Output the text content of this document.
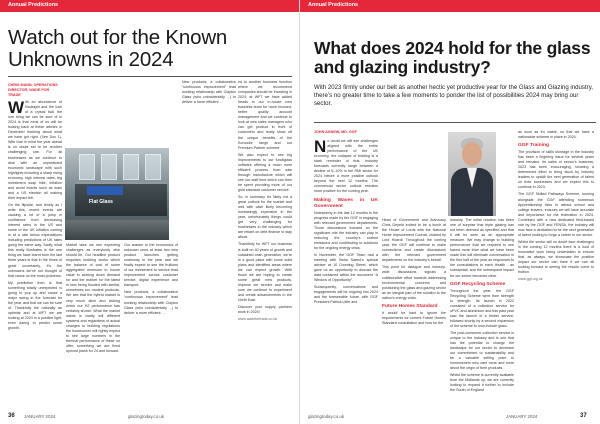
Annual Predictions
Watch out for the Known Unknowns in 2024
CHRIS MANN, OPERATIONS DIRECTOR, WADE FOR TRADE

With an abundance of hindsight and the luck of a crystal ball, the one thing we can be sure of in 2024 is that most of us will be looking back at these articles in December thinking about what we have got right. (See Doc 1). With that in mind the year ahead is no doubt set to be another challenging one. For all businesses as we continue to deal with an unpredicted economic landscape with such highlights including a sharp rising economy, high interest rates, big investment soap hike, inflation and world events such as wars and a US election all making their impact felt.

On the flipside, and timely as I write this, recent events are causing a lot of a jump in confidence from decreasing interest rates in the US and some of the UK inflation coming in at a rate below expectations including predictions of UK rates going the same way. Sadly, what this really illustrates is the one thing we have learnt from the last three years is that in the times of great uncertainty, it’s the unknowns we’ve not thought of that cause us the most problems.

My prediction then is that something totally unexpected is going to pop up and cause a major swing in the forecast for the year, and that we can be sure of. Thankfully the naturally an optimist and at WFT we are looking at 2024 in a positive light, even daring to predict some growth.

Flat Glass

Market wise we see expecting challenges as everybody else should be. Our headline product enquiries building works which the balance of cost of some aggregated revenues to house value in slowing down demand for and the market for the latest in new being flooded with similar, sometimes too modest products. We see that the hybrid market is very much alive and kicking which our H2 performance has certainly shown. What the market wants is clarity will different systems and regardless of actual changes to building regulations the homeowner will rightly expect to see large numbers in the thermal performance of these on offer, something we are fixed upmost plans for 24 and forward.

Our answer to the economics of unknown ones at least two new product launches getting underway in the year and we finally expect to see the fruitions of our investment to service lead improvement across customer service, digital experience and transport.

New products, a collaborative “continuous improvement” lead working relationship with Clayton Glass (who coincidentally ...) to deliver a more efficient ...

ed to another business function where we recommend companies should be investing in 2024, at WFT we have added heads to our in-house new business team for more focused, better quality account management and we continue to look at new sales managers who can get product in front of customers and really show off the unique benefits of the Komodor range and our Premium Partner scheme.

We also expect to see big improvements to our fundiglass software offering a much more efficient process from sale through manufacture which will see our staff time which can then be spent providing more of our gold standard customer service.

So, in summary it’s likely not a great outlook for the market and well with cash likely becoming increasingly expensive in the year, unfortunately things could get very challenging for businesses in the industry which are reliant on debt finance to stay afloat.

Thankfully for WFT our business is built on 40 years of growth and sustained cash generation, we’re in a good place with some solid plans and identified areas where we can expect growth. With those we are hoping to create some great new products, improve our service and make sure we continue to experiment and create advancements in the North East.

Discover your supply partners work in 2024!

www.wadefortrade.co.uk

New products, a collaborative “continuous improvement” lead working relationship with Clayton Glass (who coincidentally ...) to deliver a more efficient ...

36 JANUARY 2024	glazingtoday.co.uk
Annual Predictions
What does 2024 hold for the glass and glazing industry?

With 2023 firmly under our belt as another hectic yet productive year for the Glass and Glazing industry, there’s no greater time to take a few moments to ponder the list of possibilities 2024 may bring our sector.

JOHN AGNEW, MD, GGF

No doubt we will see challenges aligned with the entire performance of the UK economy, the collapse of bidding is a stark reminder of that. Industry forecasts currently range between a decline of 5–10% in the RMI sector for 2024 before a more positive outlook beyond the next 12 months. The commercial sector outlook remains more positive for the coming year.

Making Waves in UK Government

Noteworthy in the last 12 months is the progress made by the GGF in engaging with relevant government departments. Those discussions focused on the significant role the industry can play in reducing the country’s carbon emissions and contributing to solutions for the ongoing energy crisis.

In November, the GGF Team had a meeting with Baha Saeed’s special adviser at 10 Downing Street, which gave us an opportunity to discuss the data contained within the document “A Window of Opportunity”.

Subsequently, conversations and engagements will be ongoing into 2024 and the foreseeable future, with GGF President Patrick Little and

Head of Government and Advocacy Chris Geyeld invited to be a lunch at the House of Lords with the National Home Improvement Council, chaired by Lord Hoardi. Throughout the coming year, the GGF will continue to make connections and create discussions with the relevant government departments on the industry’s behalf.

This point for dialogue and industry-wide discussions signals a collaborative effort towards addressing environmental concerns and positioning the glass and glazing sector as an integral part of the solution to the nation’s energy crisis.

Future Homes Standard

It would be hard to ignore the requirements for current Future Homes Standard consultation and how for the

industry. The initial reaction has been one of surprise that triple glazing has not been deemed as specified and that it will be seen as an appropriate measure. We may change to building performance that we required to see based more than what we have been made this will eliminate conversation in the first half of the year as responses to the consultations to each Health - as substantial, and the subsequent impact for our sector becomes clear.

GGF Recycling Scheme

Throughout the year, the GGF Recycling Scheme went from strength to strength. Its launch in 2022 consisted of a collection service for uPVC and aluminium and this past year saw the launch of a timber service, followed shortly by a second expansion of the scheme to now include glass.

The post-consumer collection service is unique to the industry and is one that has the potential to change the landscape for our sector to decrease our commitment to sustainability and be a valuable selling point to homeowners who care more and more about the origin of their products.

Whilst the scheme is currently available from the Midlands up, we are currently looking to expand it further to include the South of England

as soon as it’s viable, so that we have a nationwide scheme in place in 2024.

GGF Training

The provision of skills shortage in the industry has been a lingering issue for several years and remains. Its sales of sector’s business, 2023 has been encouraging, showing a determined effort to bring stuck by industry leaders to upskill the next generation of talent on their businesses and we expect this to continue in 2024.

The GGF Skilled Pathways Scheme, running alongside the GGF attending numerous Apprenticeship fairs to attract school and college leavers, ensures we will have accurate and importance for the federation in 2024. Combined with a new dedicated field-based role by the GGF and FENSA, the industry will now face a dedicated to be the next generation of talent looking to forge a career in our sector.

Whilst the sector will no doubt face challenges in the coming 12 months there is a host of innovative work being undertaken to ensure that, as always, we showcase the positive impact our sector can have if we can all looking forward to seeing the results come to fruition.

www.ggf.org.uk

glazingtoday.co.uk	JANUARY 2024	37
